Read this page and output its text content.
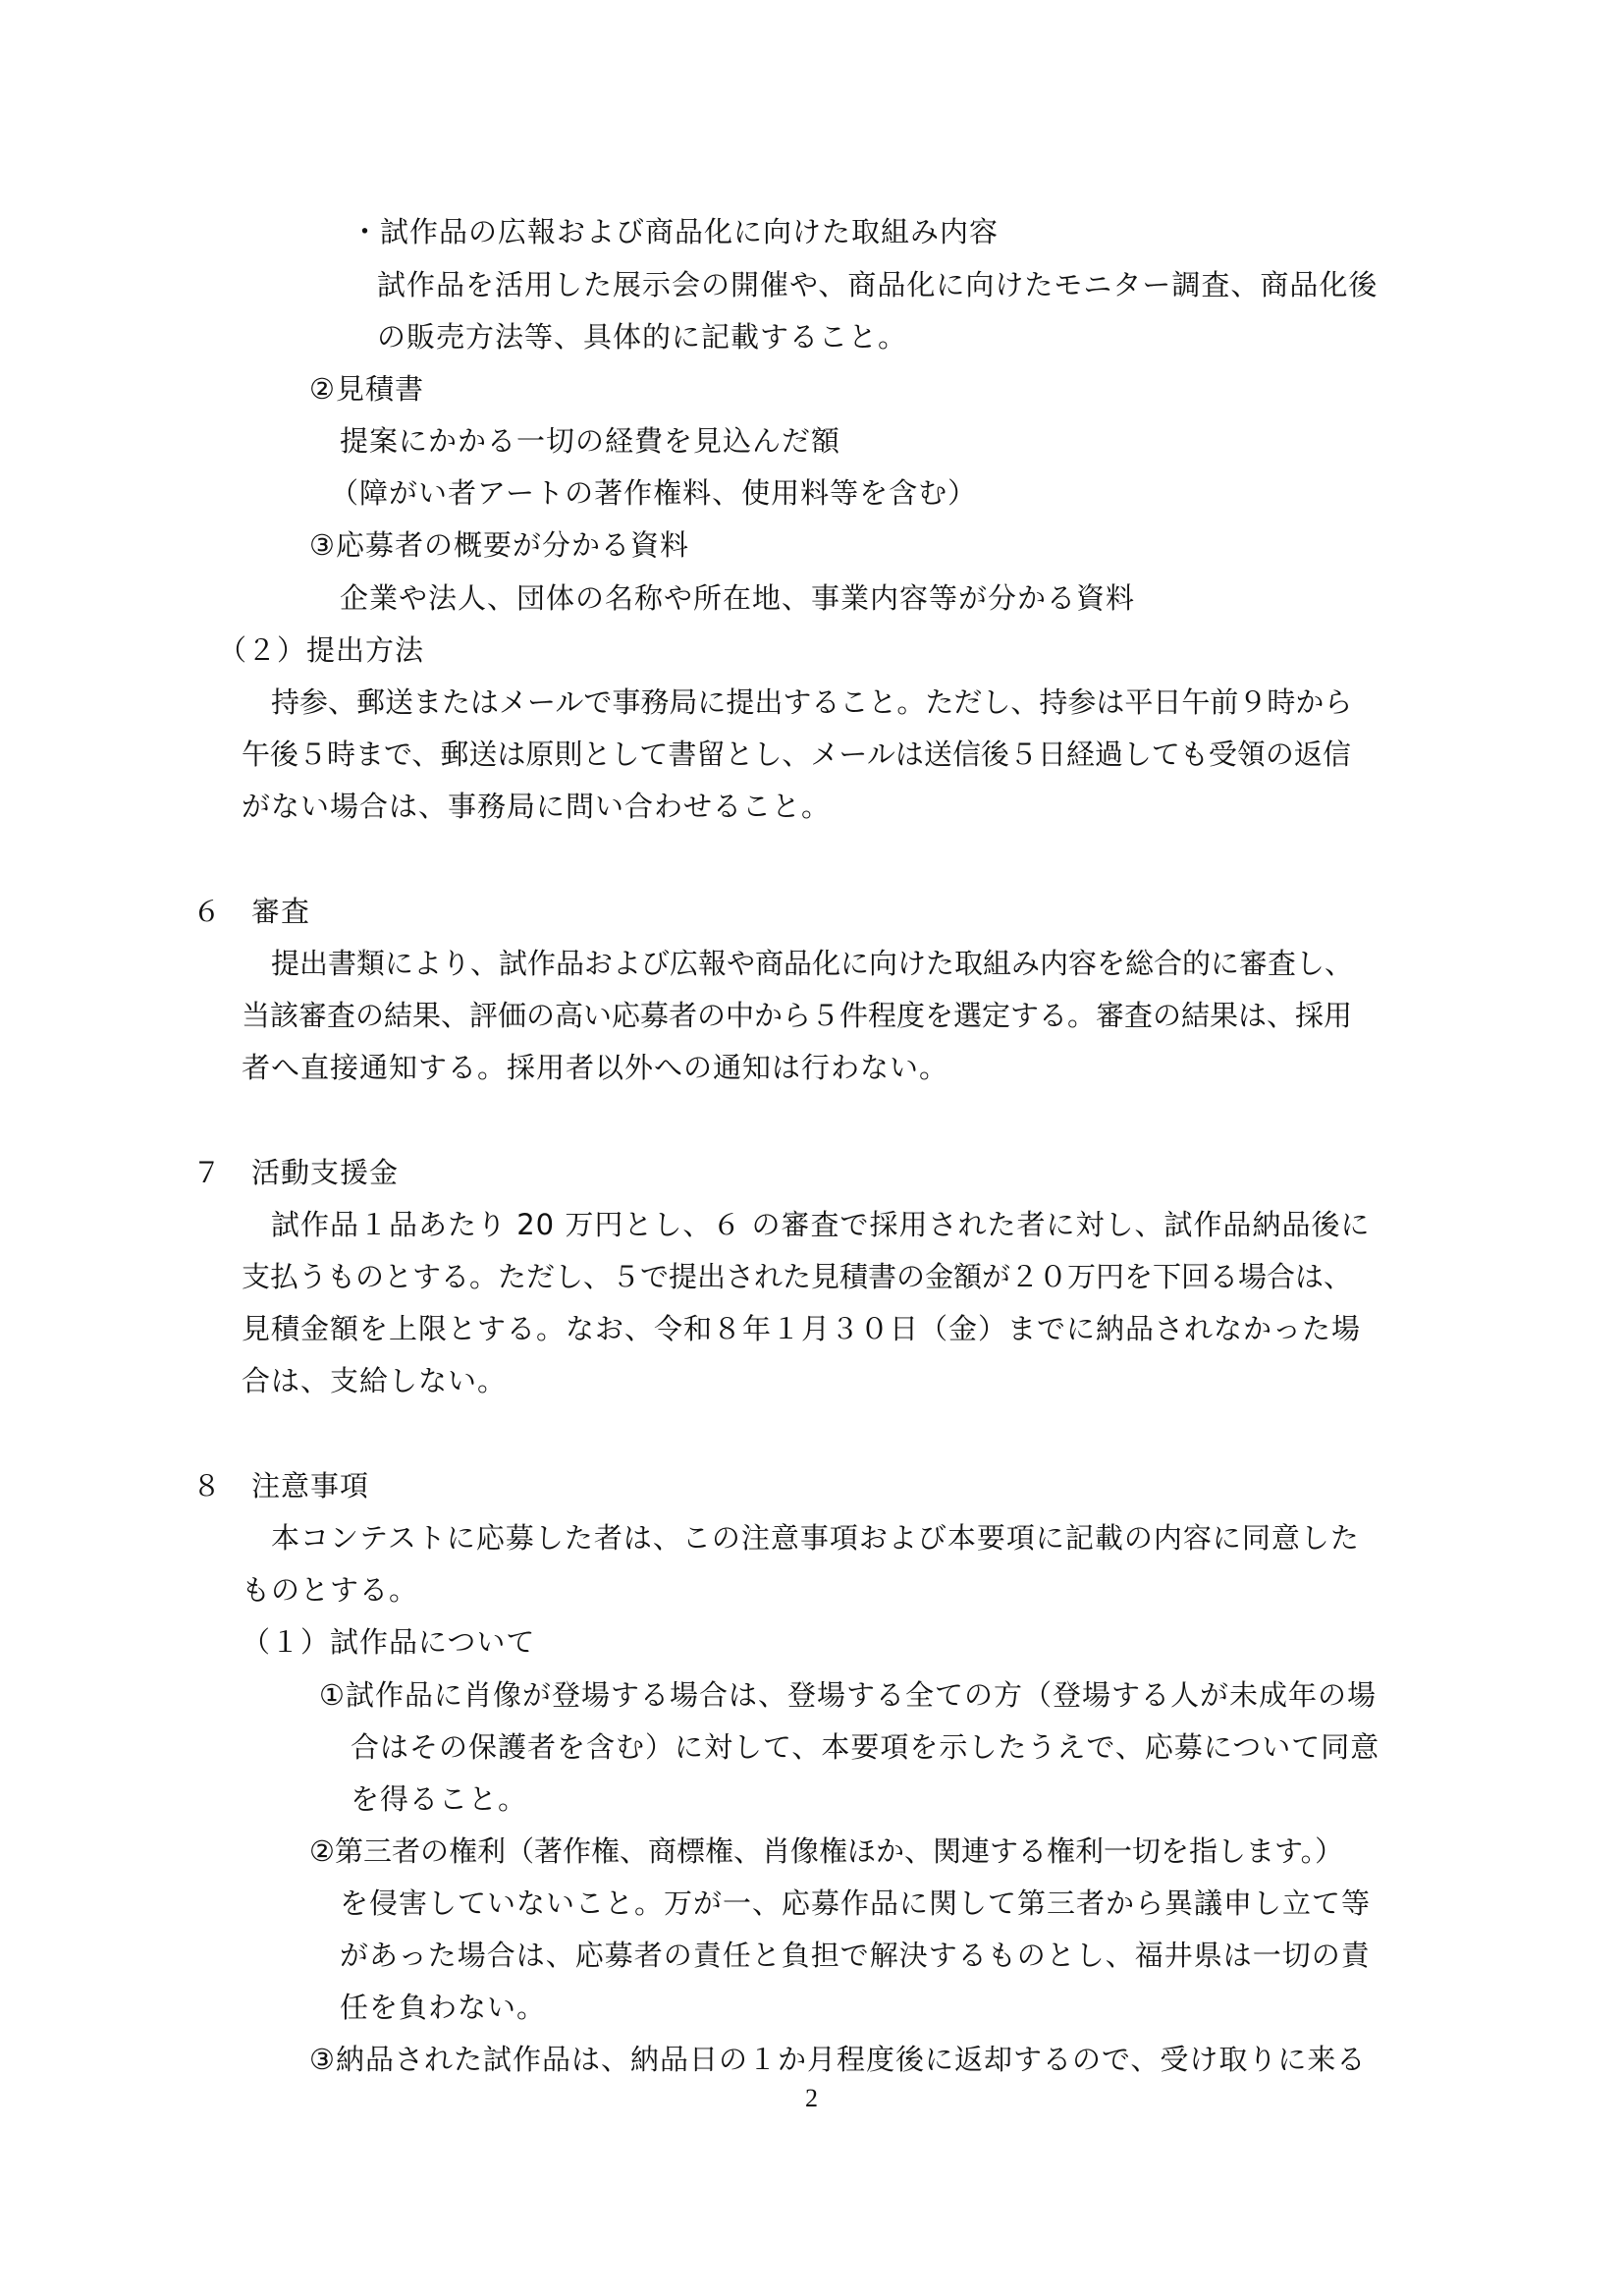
・試作品の広報および商品化に向けた取組み内容
試作品を活用した展示会の開催や、商品化に向けたモニター調査、商品化後
の販売方法等、具体的に記載すること。
②見積書
提案にかかる一切の経費を見込んだ額
（障がい者アートの著作権料、使用料等を含む）
③応募者の概要が分かる資料
企業や法人、団体の名称や所在地、事業内容等が分かる資料
（２）提出方法
持参、郵送またはメールで事務局に提出すること。ただし、持参は平日午前９時から
午後５時まで、郵送は原則として書留とし、メールは送信後５日経過しても受領の返信
がない場合は、事務局に問い合わせること。
６　審査
提出書類により、試作品および広報や商品化に向けた取組み内容を総合的に審査し、
当該審査の結果、評価の高い応募者の中から５件程度を選定する。審査の結果は、採用
者へ直接通知する。採用者以外への通知は行わない。
７　活動支援金
試作品１品あたり 20 万円とし、６ の審査で採用された者に対し、試作品納品後に
支払うものとする。ただし、５で提出された見積書の金額が２０万円を下回る場合は、
見積金額を上限とする。なお、令和８年１月３０日（金）までに納品されなかった場
合は、支給しない。
８　注意事項
本コンテストに応募した者は、この注意事項および本要項に記載の内容に同意した
ものとする。
（１）試作品について
①試作品に肖像が登場する場合は、登場する全ての方（登場する人が未成年の場
合はその保護者を含む）に対して、本要項を示したうえで、応募について同意
を得ること。
②第三者の権利（著作権、商標権、肖像権ほか、関連する権利一切を指します。）
を侵害していないこと。万が一、応募作品に関して第三者から異議申し立て等
があった場合は、応募者の責任と負担で解決するものとし、福井県は一切の責
任を負わない。
③納品された試作品は、納品日の１か月程度後に返却するので、受け取りに来る
2
